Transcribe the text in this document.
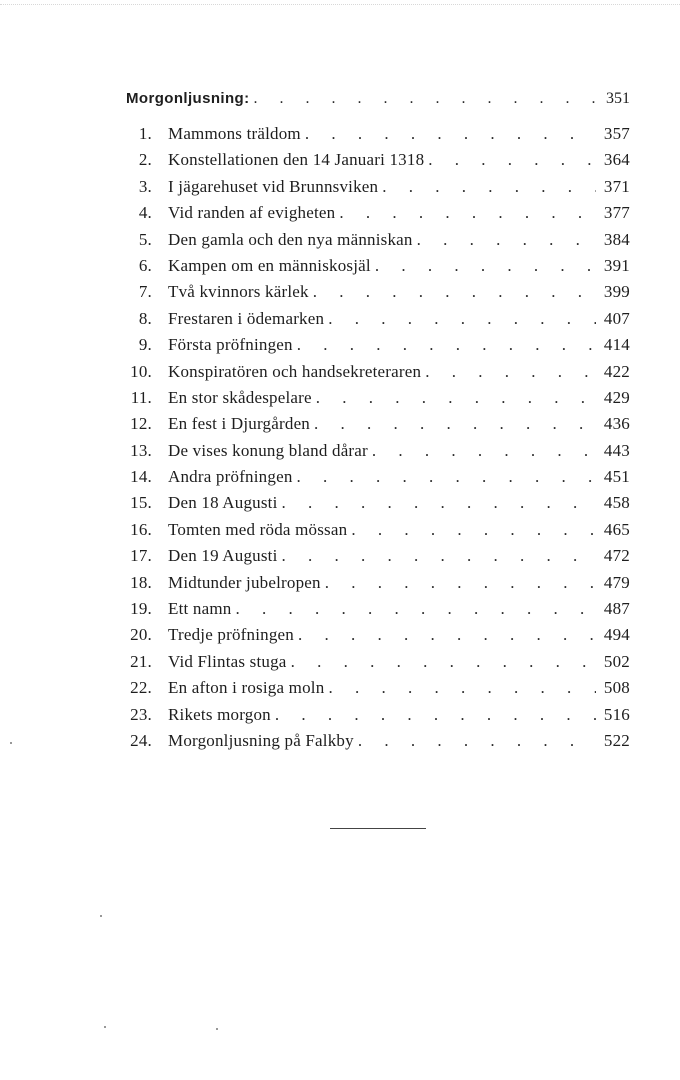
Morgonljusning: . . .	351
1. Mammons träldom . . .	357
2. Konstellationen den 14 Januari 1318 . . .	364
3. I jägarehuset vid Brunnsviken . . .	371
4. Vid randen af evigheten . . .	377
5. Den gamla och den nya människan . . .	384
6. Kampen om en människosjäl . . .	391
7. Två kvinnors kärlek . . .	399
8. Frestaren i ödemarken . . .	407
9. Första pröfningen . . .	414
10. Konspiratören och handsekreteraren . . .	422
11. En stor skådespelare . . .	429
12. En fest i Djurgården . . .	436
13. De vises konung bland dårar . . .	443
14. Andra pröfningen . . .	451
15. Den 18 Augusti . . .	458
16. Tomten med röda mössan . . .	465
17. Den 19 Augusti . . .	472
18. Midtunder jubelropen . . .	479
19. Ett namn . . .	487
20. Tredje pröfningen . . .	494
21. Vid Flintas stuga . . .	502
22. En afton i rosiga moln . . .	508
23. Rikets morgon . . .	516
24. Morgonljusning på Falkby . . .	522
